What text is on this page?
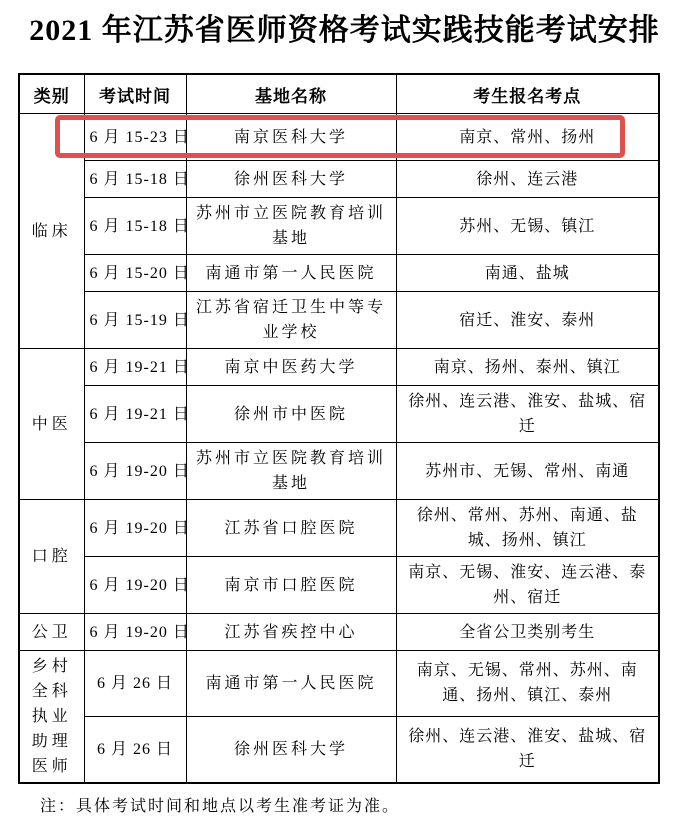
2021 年江苏省医师资格考试实践技能考试安排
类别	考试时间	基地名称	考生报名考点
临床	6 月 15-23 日	南京医科大学	南京、常州、扬州
	6 月 15-18 日	徐州医科大学	徐州、连云港
	6 月 15-18 日	苏州市立医院教育培训基地	苏州、无锡、镇江
	6 月 15-20 日	南通市第一人民医院	南通、盐城
	6 月 15-19 日	江苏省宿迁卫生中等专业学校	宿迁、淮安、泰州
中医	6 月 19-21 日	南京中医药大学	南京、扬州、泰州、镇江
	6 月 19-21 日	徐州市中医院	徐州、连云港、淮安、盐城、宿迁
	6 月 19-20 日	苏州市立医院教育培训基地	苏州市、无锡、常州、南通
口腔	6 月 19-20 日	江苏省口腔医院	徐州、常州、苏州、南通、盐城、扬州、镇江
	6 月 19-20 日	南京市口腔医院	南京、无锡、淮安、连云港、泰州、宿迁
公卫	6 月 19-20 日	江苏省疾控中心	全省公卫类别考生
乡村全科执业助理医师	6 月 26 日	南通市第一人民医院	南京、无锡、常州、苏州、南通、扬州、镇江、泰州
	6 月 26 日	徐州医科大学	徐州、连云港、淮安、盐城、宿迁

注：具体考试时间和地点以考生准考证为准。
